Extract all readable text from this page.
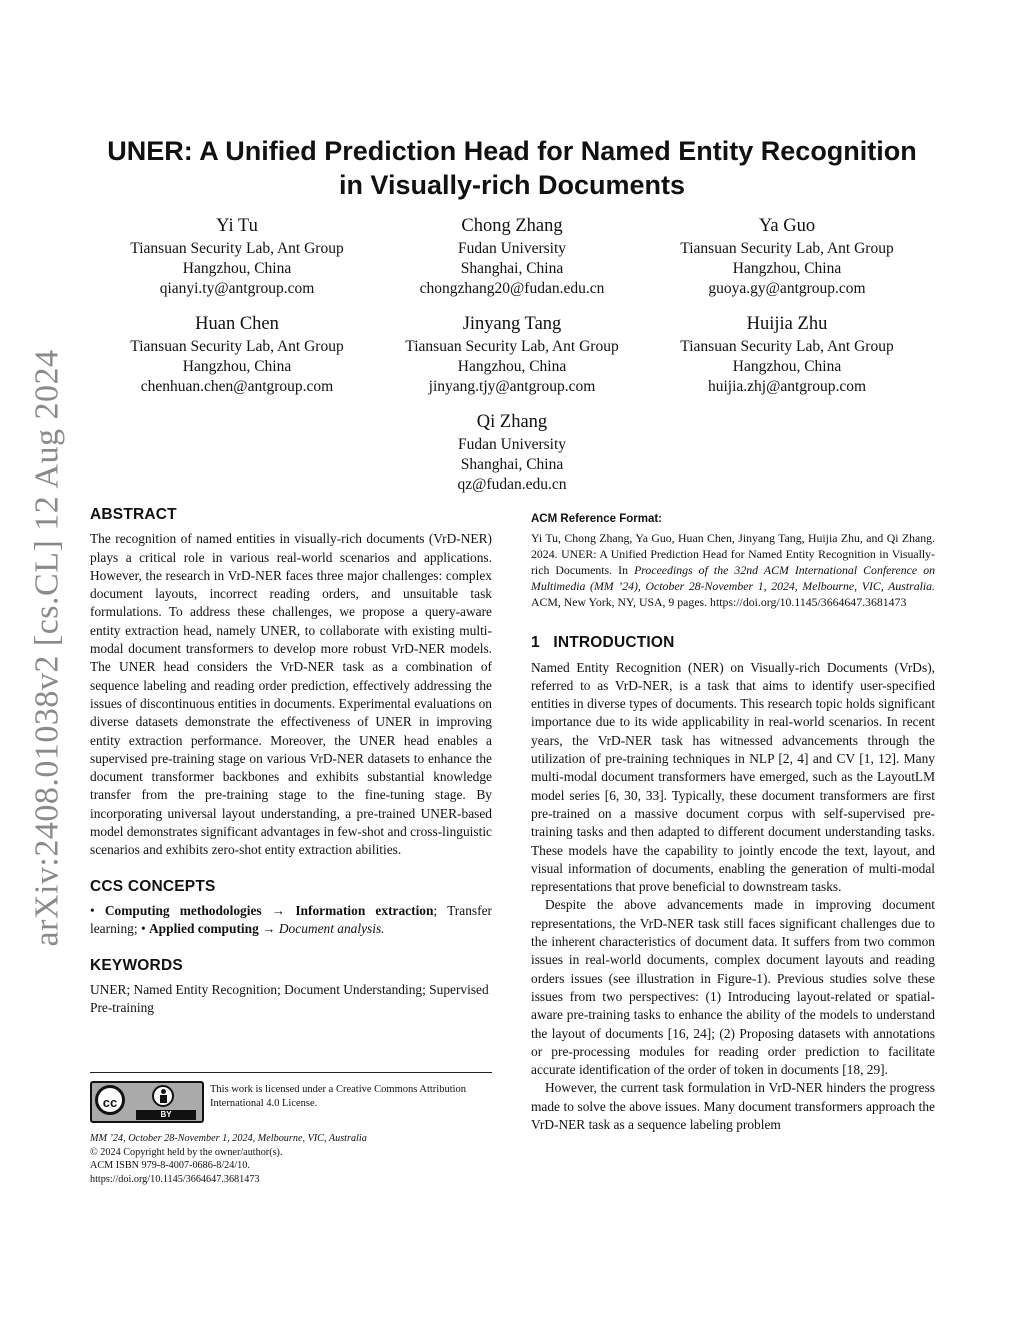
arXiv:2408.01038v2 [cs.CL] 12 Aug 2024
UNER: A Unified Prediction Head for Named Entity Recognition
in Visually-rich Documents
Yi Tu
Tiansuan Security Lab, Ant Group
Hangzhou, China
qianyi.ty@antgroup.com
Chong Zhang
Fudan University
Shanghai, China
chongzhang20@fudan.edu.cn
Ya Guo
Tiansuan Security Lab, Ant Group
Hangzhou, China
guoya.gy@antgroup.com
Huan Chen
Tiansuan Security Lab, Ant Group
Hangzhou, China
chenhuan.chen@antgroup.com
Jinyang Tang
Tiansuan Security Lab, Ant Group
Hangzhou, China
jinyang.tjy@antgroup.com
Huijia Zhu
Tiansuan Security Lab, Ant Group
Hangzhou, China
huijia.zhj@antgroup.com
Qi Zhang
Fudan University
Shanghai, China
qz@fudan.edu.cn
ABSTRACT

The recognition of named entities in visually-rich documents (VrD-NER) plays a critical role in various real-world scenarios and applications. However, the research in VrD-NER faces three major challenges: complex document layouts, incorrect reading orders, and unsuitable task formulations. To address these challenges, we propose a query-aware entity extraction head, namely UNER, to collaborate with existing multi-modal document transformers to develop more robust VrD-NER models. The UNER head considers the VrD-NER task as a combination of sequence labeling and reading order prediction, effectively addressing the issues of discontinuous entities in documents. Experimental evaluations on diverse datasets demonstrate the effectiveness of UNER in improving entity extraction performance. Moreover, the UNER head enables a supervised pre-training stage on various VrD-NER datasets to enhance the document transformer backbones and exhibits substantial knowledge transfer from the pre-training stage to the fine-tuning stage. By incorporating universal layout understanding, a pre-trained UNER-based model demonstrates significant advantages in few-shot and cross-linguistic scenarios and exhibits zero-shot entity extraction abilities.

CCS CONCEPTS

• Computing methodologies → Information extraction; Transfer learning; • Applied computing → Document analysis.

KEYWORDS

UNER; Named Entity Recognition; Document Understanding; Supervised Pre-training

cc
BY
This work is licensed under a Creative Commons Attribution International 4.0 License.
MM ’24, October 28-November 1, 2024, Melbourne, VIC, Australia
© 2024 Copyright held by the owner/author(s).
ACM ISBN 979-8-4007-0686-8/24/10.
https://doi.org/10.1145/3664647.3681473
ACM Reference Format:

Yi Tu, Chong Zhang, Ya Guo, Huan Chen, Jinyang Tang, Huijia Zhu, and Qi Zhang. 2024. UNER: A Unified Prediction Head for Named Entity Recognition in Visually-rich Documents. In Proceedings of the 32nd ACM International Conference on Multimedia (MM ’24), October 28-November 1, 2024, Melbourne, VIC, Australia. ACM, New York, NY, USA, 9 pages. https://doi.org/10.1145/3664647.3681473

1   INTRODUCTION

Named Entity Recognition (NER) on Visually-rich Documents (VrDs), referred to as VrD-NER, is a task that aims to identify user-specified entities in diverse types of documents. This research topic holds significant importance due to its wide applicability in real-world scenarios. In recent years, the VrD-NER task has witnessed advancements through the utilization of pre-training techniques in NLP [2, 4] and CV [1, 12]. Many multi-modal document transformers have emerged, such as the LayoutLM model series [6, 30, 33]. Typically, these document transformers are first pre-trained on a massive document corpus with self-supervised pre-training tasks and then adapted to different document understanding tasks. These models have the capability to jointly encode the text, layout, and visual information of documents, enabling the generation of multi-modal representations that prove beneficial to downstream tasks.

Despite the above advancements made in improving document representations, the VrD-NER task still faces significant challenges due to the inherent characteristics of document data. It suffers from two common issues in real-world documents, complex document layouts and reading orders issues (see illustration in Figure-1). Previous studies solve these issues from two perspectives: (1) Introducing layout-related or spatial-aware pre-training tasks to enhance the ability of the models to understand the layout of documents [16, 24]; (2) Proposing datasets with annotations or pre-processing modules for reading order prediction to facilitate accurate identification of the order of token in documents [18, 29].

However, the current task formulation in VrD-NER hinders the progress made to solve the above issues. Many document transformers approach the VrD-NER task as a sequence labeling problem
